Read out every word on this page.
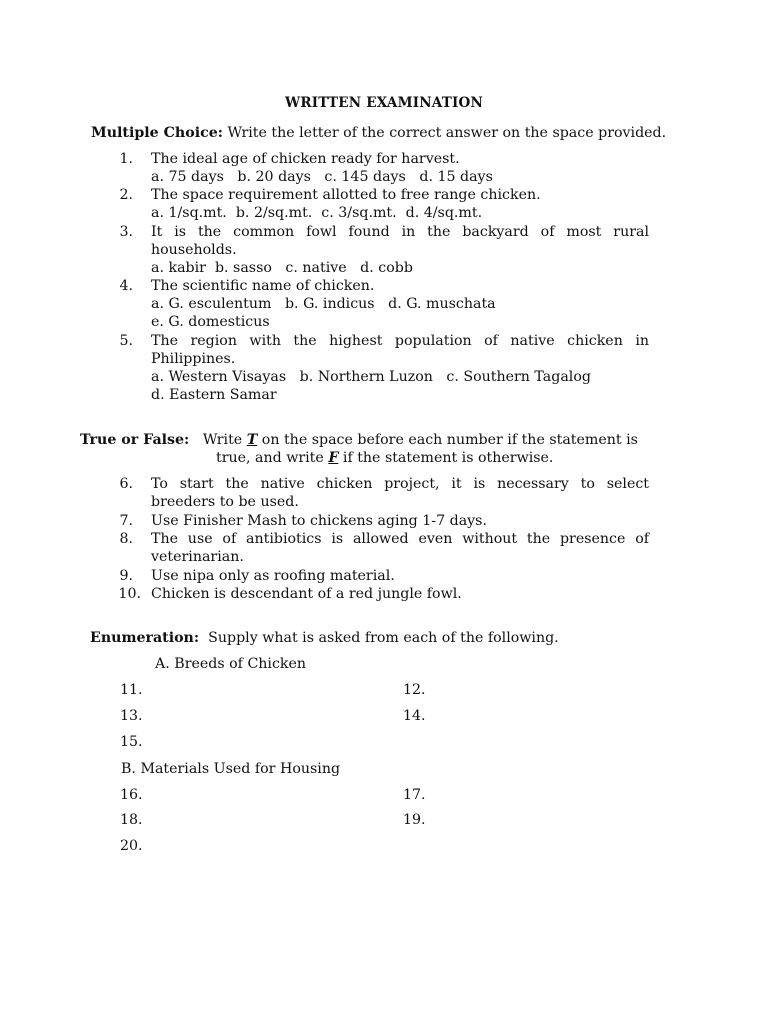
WRITTEN EXAMINATION
Multiple Choice: Write the letter of the correct answer on the space provided.
1. The ideal age of chicken ready for harvest.
a. 75 days   b. 20 days   c. 145 days   d. 15 days
2. The space requirement allotted to free range chicken.
a. 1/sq.mt.  b. 2/sq.mt.  c. 3/sq.mt.  d. 4/sq.mt.
3. It is the common fowl found in the backyard of most rural
households.
a. kabir  b. sasso   c. native   d. cobb
4. The scientific name of chicken.
a. G. esculentum   b. G. indicus   d. G. muschata
e. G. domesticus
5. The region with the highest population of native chicken in
Philippines.
a. Western Visayas   b. Northern Luzon   c. Southern Tagalog
d. Eastern Samar
True or False: Write T on the space before each number if the statement is
true, and write F if the statement is otherwise.
6. To start the native chicken project, it is necessary to select
breeders to be used.
7. Use Finisher Mash to chickens aging 1-7 days.
8. The use of antibiotics is allowed even without the presence of
veterinarian.
9. Use nipa only as roofing material.
10. Chicken is descendant of a red jungle fowl.
Enumeration: Supply what is asked from each of the following.
A. Breeds of Chicken
11.	12.
13.	14.
15.
B. Materials Used for Housing
16.	17.
18.	19.
20.
